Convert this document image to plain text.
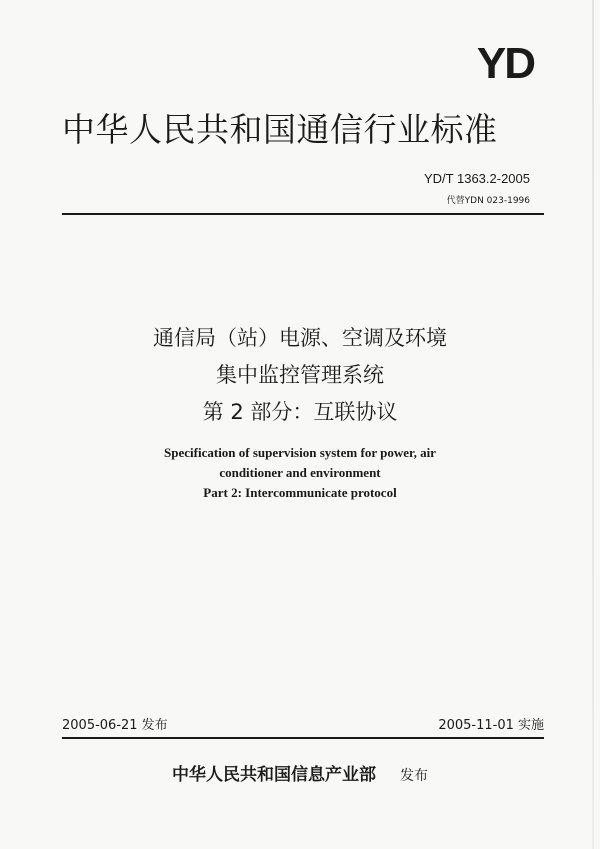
YD
中华人民共和国通信行业标准
YD/T 1363.2-2005
代替YDN 023-1996
通信局（站）电源、空调及环境
集中监控管理系统
第 2 部分：互联协议
Specification of supervision system for power, air
conditioner and environment
Part 2: Intercommunicate protocol
2005-06-21 发布	2005-11-01 实施
中华人民共和国信息产业部 发布
